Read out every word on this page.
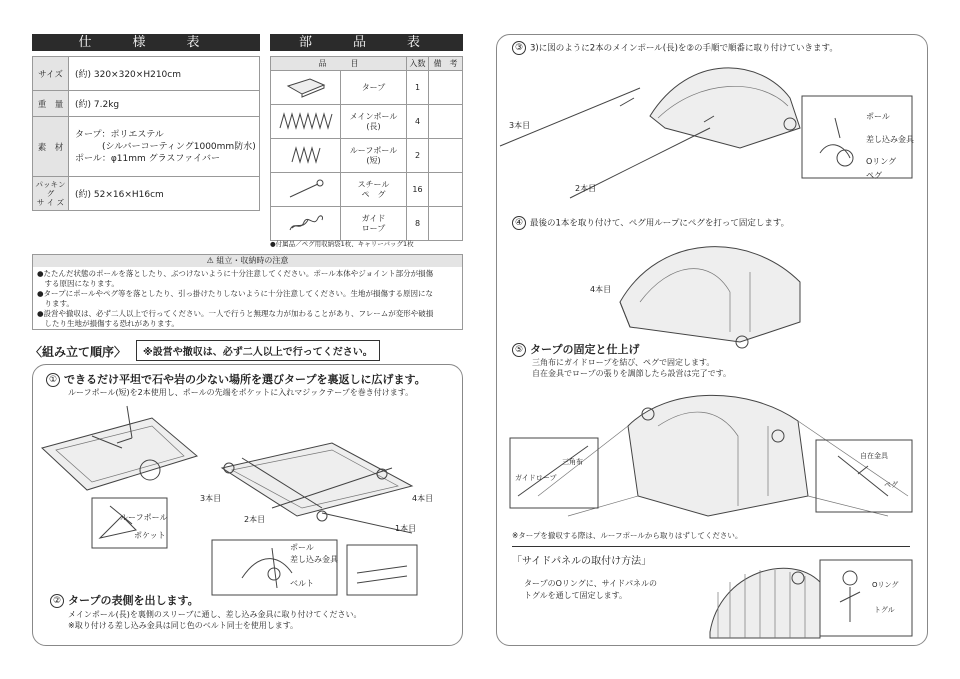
仕　様　表
サイズ	(約) 320×320×H210cm
重　量	(約) 7.2kg
素　材	タープ：ポリエステル
　　　(シルバーコーティング1000mm防水)
ポール：φ11mm グラスファイバー

パッキング
サ イ ズ	(約) 52×16×H16cm
部　品　表
品　　　目		入数	備　考
	タープ	1	

メインポール
(長)	4	

ルーフポール
(短)	2	

スチール
ペ　グ	16	

ガイド
ロープ	8	
●付属品／ペグ用収納袋1枚、キャリーバッグ1枚
⚠ 組立・収納時の注意
●たたんだ状態のポールを落としたり、ぶつけないように十分注意してください。ポール本体やジョイント部分が損傷
　する原因になります。
●タープにポールやペグ等を落としたり、引っ掛けたりしないように十分注意してください。生地が損傷する原因にな
　ります。
●設営や撤収は、必ず二人以上で行ってください。一人で行うと無理な力が加わることがあり、フレームが変形や破損
　したり生地が損傷する恐れがあります。
〈組み立て順序〉	※設営や撤収は、必ず二人以上で行ってください。
① できるだけ平坦で石や岩の少ない場所を選びタープを裏返しに広げます。
ルーフポール(短)を2本使用し、ポールの先端をポケットに入れマジックテープを巻き付けます。
ルーフポール
ポケット
3本目	4本目
2本目
1本目
ポール
差し込み金具
ベルト
② タープの表側を出します。
メインポール(長)を裏側のスリーブに通し、差し込み金具に取り付けてください。
※取り付ける差し込み金具は同じ色のベルト同士を使用します。
③ 3)に図のように2本のメインポール(長)を②の手順で順番に取り付けていきます。
3本目
2本目
ポール
差し込み金具
Oリング
ペグ
④ 最後の1本を取り付けて、ペグ用ループにペグを打って固定します。
4本目
⑤ タープの固定と仕上げ
三角布にガイドロープを結び、ペグで固定します。
自在金具でロープの張りを調節したら設営は完了です。
三角布
ガイドロープ
自在金具
ペグ
※タープを撤収する際は、ルーフポールから取りはずしてください。
「サイドパネルの取付け方法」
タープのOリングに、サイドパネルの
トグルを通して固定します。
Oリング
トグル
